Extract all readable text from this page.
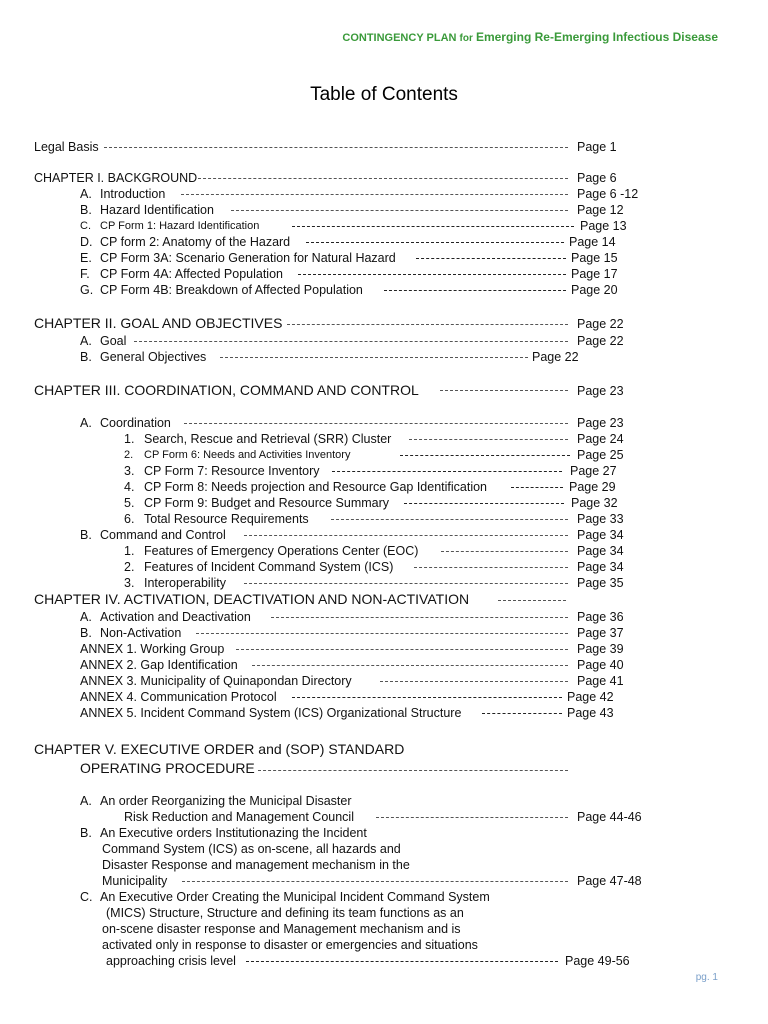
CONTINGENCY PLAN for Emerging Re-Emerging Infectious Disease
Table of Contents
Legal Basis	Page 1
CHAPTER I. BACKGROUND	Page 6
A. Introduction	Page 6 -12
B. Hazard Identification	Page 12
C. CP Form 1: Hazard Identification	Page 13
D. CP form 2: Anatomy of the Hazard	Page 14
E. CP Form 3A: Scenario Generation for Natural Hazard	Page 15
F. CP Form 4A: Affected Population	Page 17
G. CP Form 4B: Breakdown of Affected Population	Page 20
CHAPTER II. GOAL AND OBJECTIVES	Page 22
A. Goal	Page 22
B. General Objectives	Page 22
CHAPTER III. COORDINATION, COMMAND AND CONTROL	Page 23
A. Coordination	Page 23
1. Search, Rescue and Retrieval (SRR) Cluster	Page 24
2. CP Form 6: Needs and Activities Inventory	Page 25
3. CP Form 7: Resource Inventory	Page 27
4. CP Form 8: Needs projection and Resource Gap Identification	Page 29
5. CP Form 9: Budget and Resource Summary	Page 32
6. Total Resource Requirements	Page 33
B. Command and Control	Page 34
1. Features of Emergency Operations Center (EOC)	Page 34
2. Features of Incident Command System (ICS)	Page 34
3. Interoperability	Page 35
CHAPTER IV. ACTIVATION, DEACTIVATION AND NON-ACTIVATION
A. Activation and Deactivation	Page 36
B. Non-Activation	Page 37
ANNEX 1. Working Group	Page 39
ANNEX 2. Gap Identification	Page 40
ANNEX 3. Municipality of Quinapondan Directory	Page 41
ANNEX 4. Communication Protocol	Page 42
ANNEX 5. Incident Command System (ICS) Organizational Structure	Page 43
CHAPTER V. EXECUTIVE ORDER and (SOP) STANDARD
OPERATING PROCEDURE
A. An order Reorganizing the Municipal Disaster
Risk Reduction and Management Council	Page 44-46
B. An Executive orders Institutionazing the Incident
Command System (ICS) as on-scene, all hazards and
Disaster Response and management mechanism in the
Municipality	Page 47-48
C. An Executive Order Creating the Municipal Incident Command System
(MICS) Structure, Structure and defining its team functions as an
on-scene disaster response and Management mechanism and is
activated only in response to disaster or emergencies and situations
approaching crisis level	Page 49-56
pg. 1
